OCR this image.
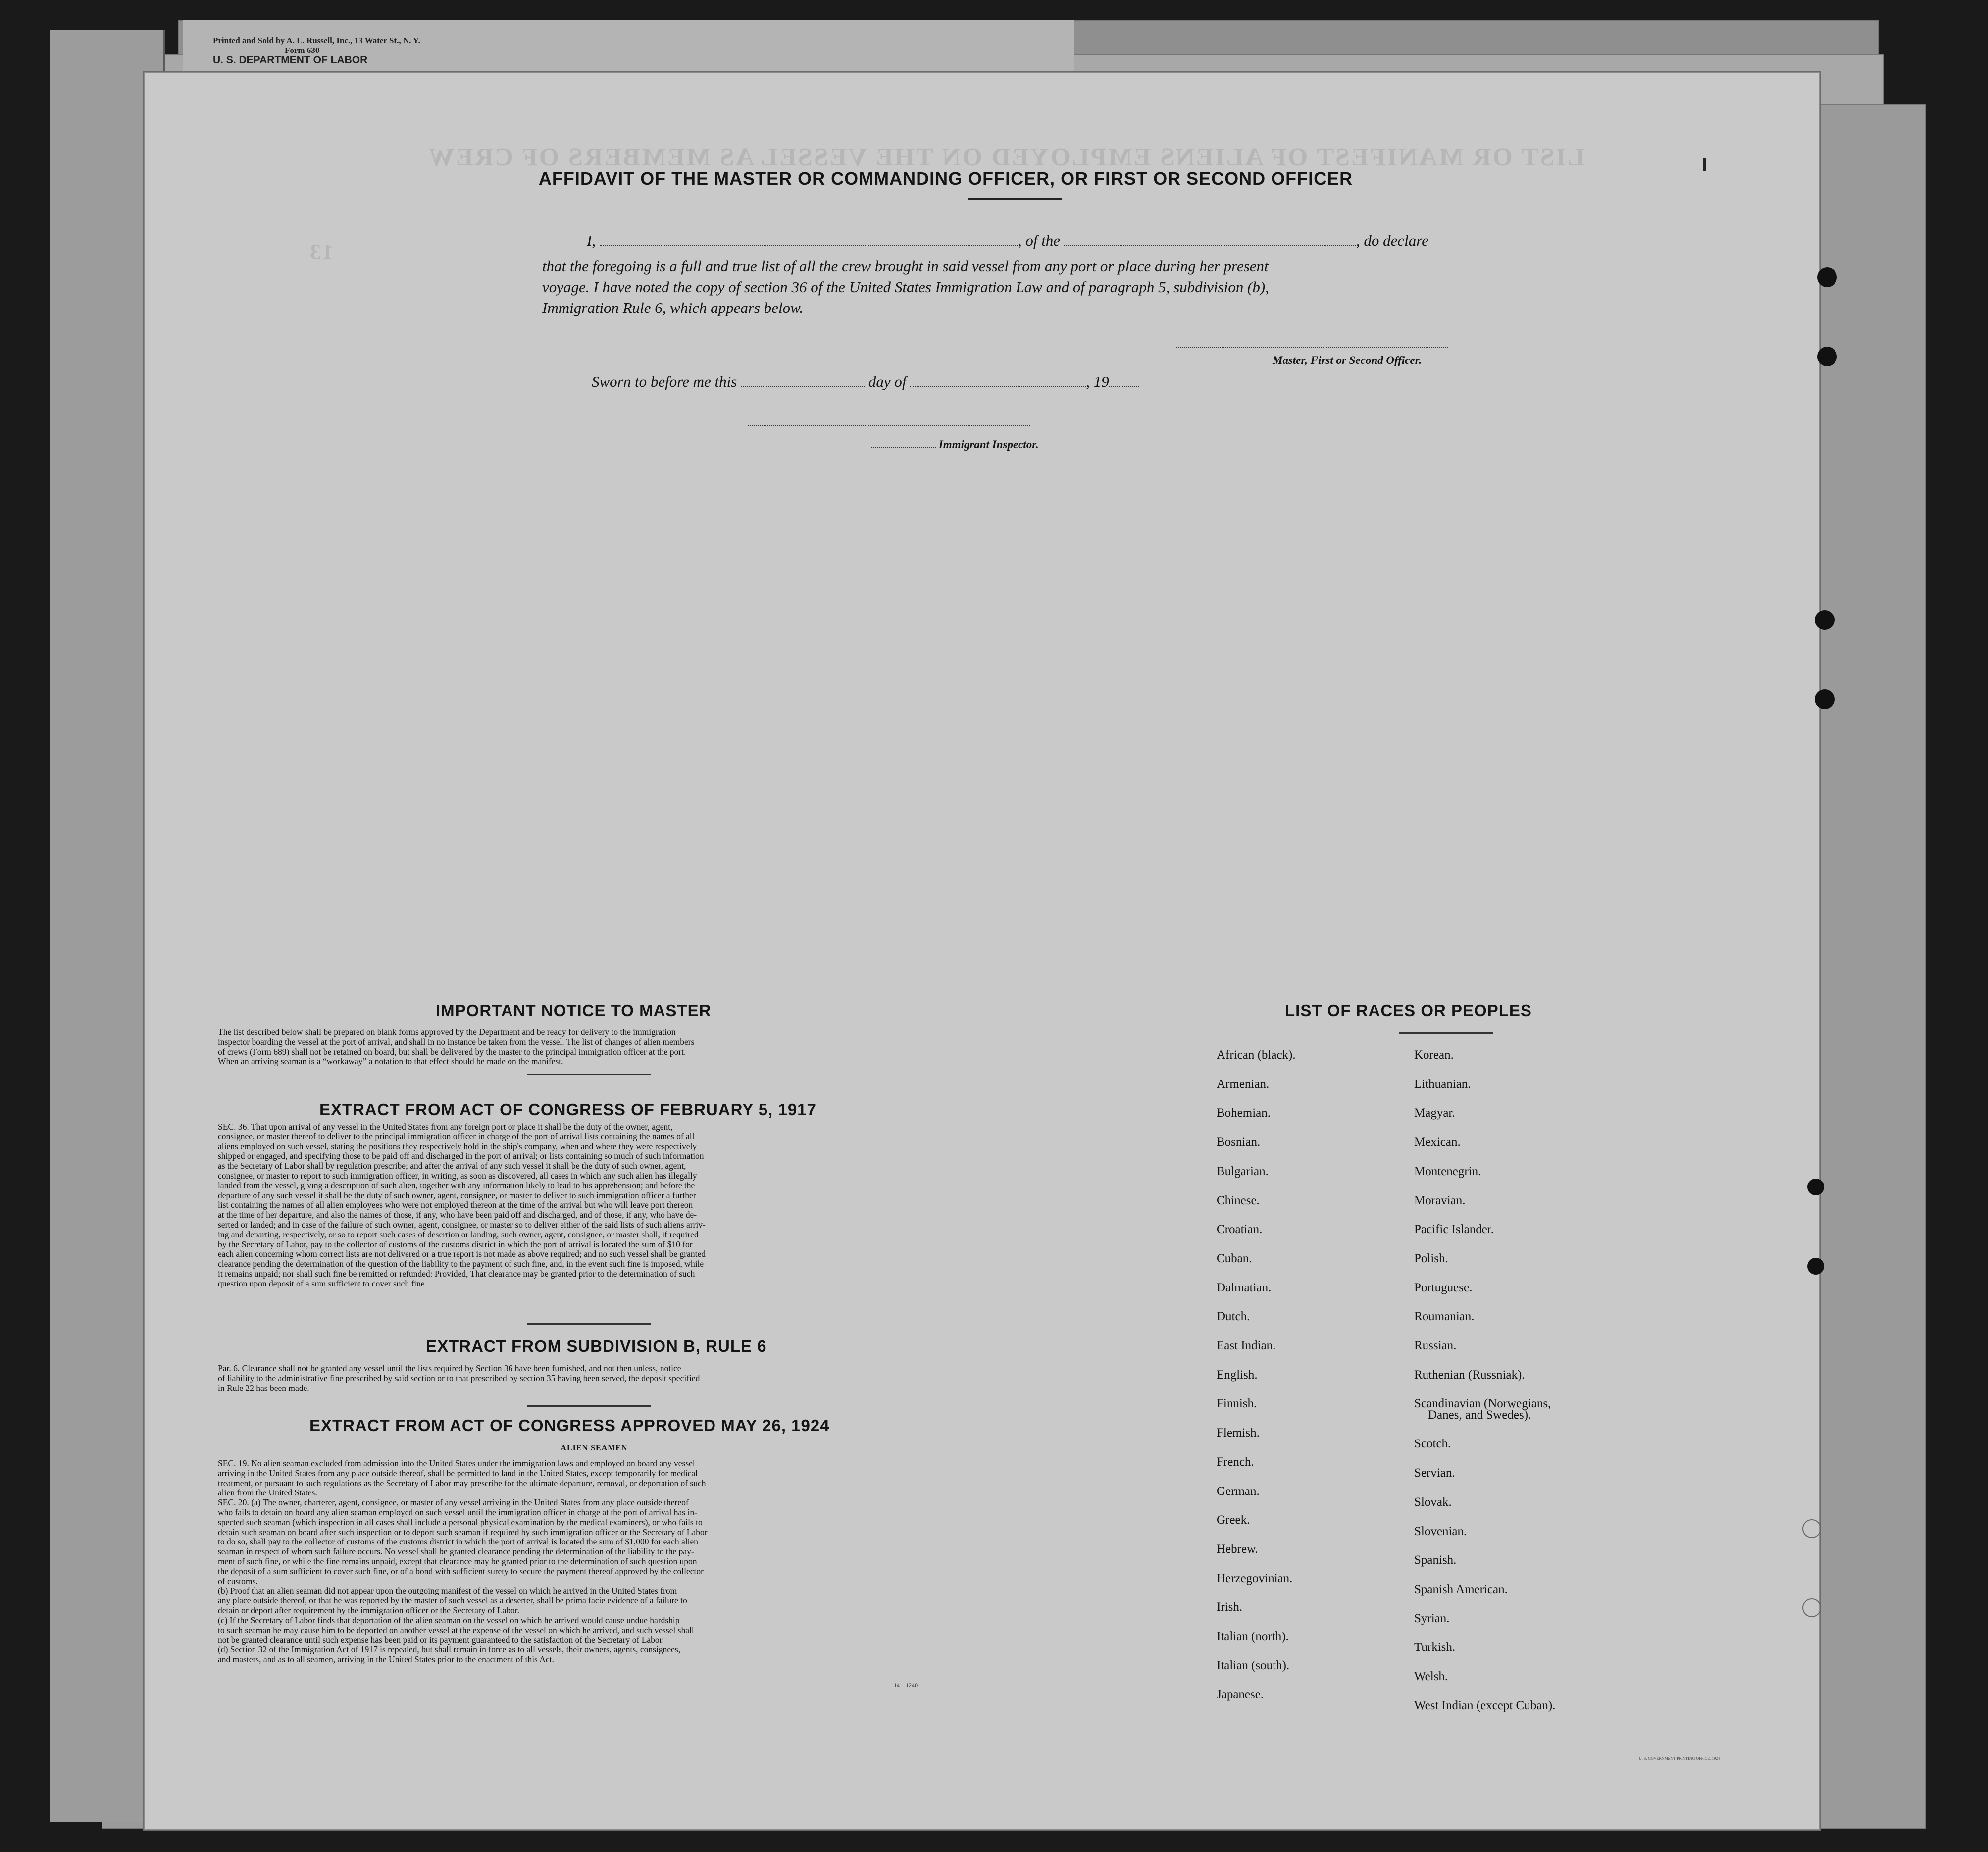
Printed and Sold by A. L. Russell, Inc., 13 Water St., N. Y.
Form 630
U. S. DEPARTMENT OF LABOR
LIST OR MANIFEST OF ALIENS EMPLOYED ON THE VESSEL AS MEMBERS OF CREW
13
AFFIDAVIT OF THE MASTER OR COMMANDING OFFICER, OR FIRST OR SECOND OFFICER
I,	, of the	, do declare
that the foregoing is a full and true list of all the crew brought in said vessel from any port or place during her present
voyage. I have noted the copy of section 36 of the United States Immigration Law and of paragraph 5, subdivision (b),
Immigration Rule 6, which appears below.
Master, First or Second Officer.
Sworn to before me this	day of	, 19
Immigrant Inspector.
IMPORTANT NOTICE TO MASTER
The list described below shall be prepared on blank forms approved by the Department and be ready for delivery to the immigration
inspector boarding the vessel at the port of arrival, and shall in no instance be taken from the vessel. The list of changes of alien members
of crews (Form 689) shall not be retained on board, but shall be delivered by the master to the principal immigration officer at the port.
When an arriving seaman is a “workaway” a notation to that effect should be made on the manifest.
EXTRACT FROM ACT OF CONGRESS OF FEBRUARY 5, 1917
SEC. 36. That upon arrival of any vessel in the United States from any foreign port or place it shall be the duty of the owner, agent,
consignee, or master thereof to deliver to the principal immigration officer in charge of the port of arrival lists containing the names of all
aliens employed on such vessel, stating the positions they respectively hold in the ship's company, when and where they were respectively
shipped or engaged, and specifying those to be paid off and discharged in the port of arrival; or lists containing so much of such information
as the Secretary of Labor shall by regulation prescribe; and after the arrival of any such vessel it shall be the duty of such owner, agent,
consignee, or master to report to such immigration officer, in writing, as soon as discovered, all cases in which any such alien has illegally
landed from the vessel, giving a description of such alien, together with any information likely to lead to his apprehension; and before the
departure of any such vessel it shall be the duty of such owner, agent, consignee, or master to deliver to such immigration officer a further
list containing the names of all alien employees who were not employed thereon at the time of the arrival but who will leave port thereon
at the time of her departure, and also the names of those, if any, who have been paid off and discharged, and of those, if any, who have de-
serted or landed; and in case of the failure of such owner, agent, consignee, or master so to deliver either of the said lists of such aliens arriv-
ing and departing, respectively, or so to report such cases of desertion or landing, such owner, agent, consignee, or master shall, if required
by the Secretary of Labor, pay to the collector of customs of the customs district in which the port of arrival is located the sum of $10 for
each alien concerning whom correct lists are not delivered or a true report is not made as above required; and no such vessel shall be granted
clearance pending the determination of the question of the liability to the payment of such fine, and, in the event such fine is imposed, while
it remains unpaid; nor shall such fine be remitted or refunded: Provided, That clearance may be granted prior to the determination of such
question upon deposit of a sum sufficient to cover such fine.
EXTRACT FROM SUBDIVISION B, RULE 6
Par. 6. Clearance shall not be granted any vessel until the lists required by Section 36 have been furnished, and not then unless, notice
of liability to the administrative fine prescribed by said section or to that prescribed by section 35 having been served, the deposit specified
in Rule 22 has been made.
EXTRACT FROM ACT OF CONGRESS APPROVED MAY 26, 1924
ALIEN SEAMEN
SEC. 19. No alien seaman excluded from admission into the United States under the immigration laws and employed on board any vessel
arriving in the United States from any place outside thereof, shall be permitted to land in the United States, except temporarily for medical
treatment, or pursuant to such regulations as the Secretary of Labor may prescribe for the ultimate departure, removal, or deportation of such
alien from the United States.
SEC. 20. (a) The owner, charterer, agent, consignee, or master of any vessel arriving in the United States from any place outside thereof
who fails to detain on board any alien seaman employed on such vessel until the immigration officer in charge at the port of arrival has in-
spected such seaman (which inspection in all cases shall include a personal physical examination by the medical examiners), or who fails to
detain such seaman on board after such inspection or to deport such seaman if required by such immigration officer or the Secretary of Labor
to do so, shall pay to the collector of customs of the customs district in which the port of arrival is located the sum of $1,000 for each alien
seaman in respect of whom such failure occurs. No vessel shall be granted clearance pending the determination of the liability to the pay-
ment of such fine, or while the fine remains unpaid, except that clearance may be granted prior to the determination of such question upon
the deposit of a sum sufficient to cover such fine, or of a bond with sufficient surety to secure the payment thereof approved by the collector
of customs.
(b) Proof that an alien seaman did not appear upon the outgoing manifest of the vessel on which he arrived in the United States from
any place outside thereof, or that he was reported by the master of such vessel as a deserter, shall be prima facie evidence of a failure to
detain or deport after requirement by the immigration officer or the Secretary of Labor.
(c) If the Secretary of Labor finds that deportation of the alien seaman on the vessel on which he arrived would cause undue hardship
to such seaman he may cause him to be deported on another vessel at the expense of the vessel on which he arrived, and such vessel shall
not be granted clearance until such expense has been paid or its payment guaranteed to the satisfaction of the Secretary of Labor.
(d) Section 32 of the Immigration Act of 1917 is repealed, but shall remain in force as to all vessels, their owners, agents, consignees,
and masters, and as to all seamen, arriving in the United States prior to the enactment of this Act.
14—1240
LIST OF RACES OR PEOPLES
African (black).
Armenian.
Bohemian.
Bosnian.
Bulgarian.
Chinese.
Croatian.
Cuban.
Dalmatian.
Dutch.
East Indian.
English.
Finnish.
Flemish.
French.
German.
Greek.
Hebrew.
Herzegovinian.
Irish.
Italian (north).
Italian (south).
Japanese.
Korean.
Lithuanian.
Magyar.
Mexican.
Montenegrin.
Moravian.
Pacific Islander.
Polish.
Portuguese.
Roumanian.
Russian.
Ruthenian (Russniak).
Scandinavian (Norwegians,
Danes, and Swedes).
Scotch.
Servian.
Slovak.
Slovenian.
Spanish.
Spanish American.
Syrian.
Turkish.
Welsh.
West Indian (except Cuban).
U. S. GOVERNMENT PRINTING OFFICE: 1924
